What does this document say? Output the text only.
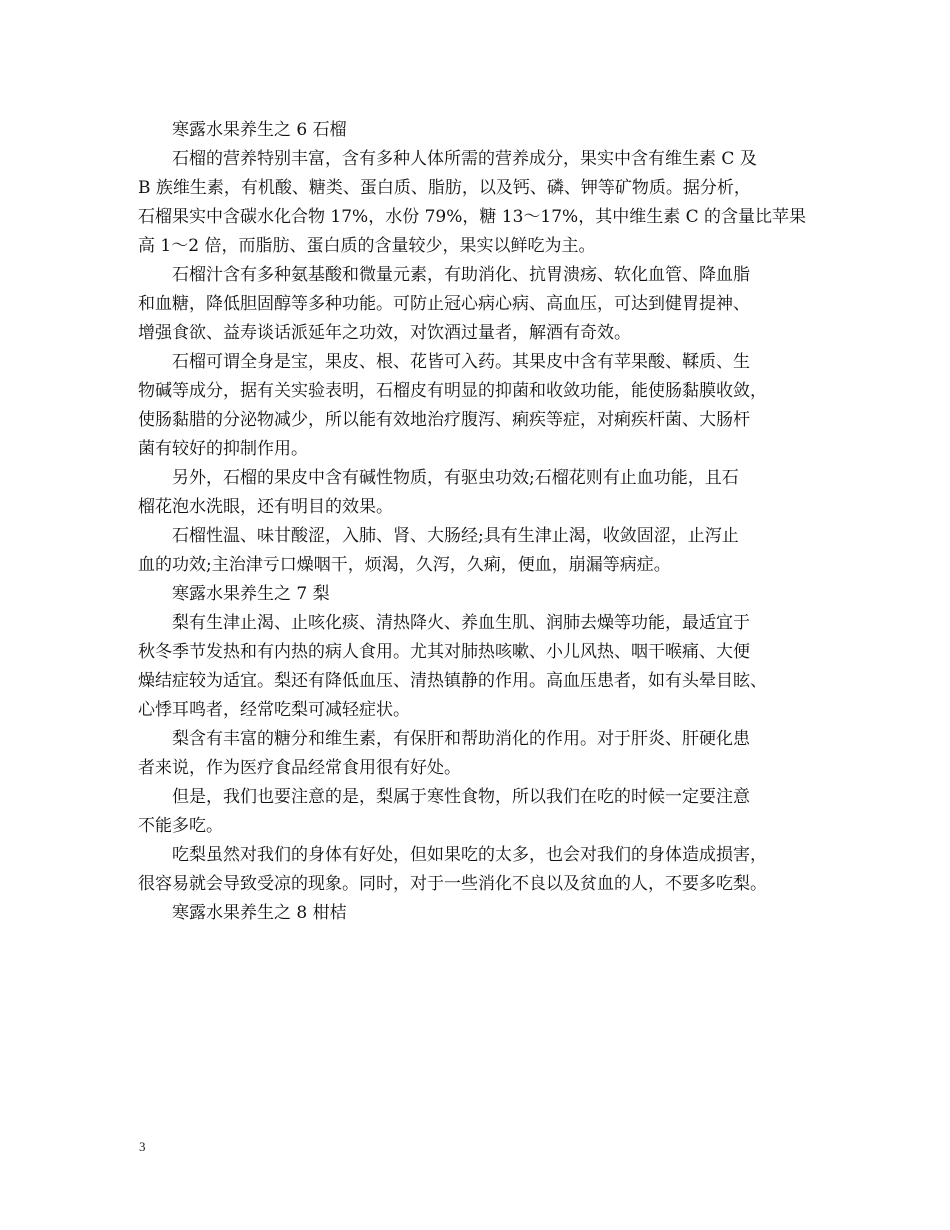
寒露水果养生之 6 石榴
石榴的营养特别丰富，含有多种人体所需的营养成分，果实中含有维生素 C 及
B 族维生素，有机酸、糖类、蛋白质、脂肪，以及钙、磷、钾等矿物质。据分析，
石榴果实中含碳水化合物 17%，水份 79%，糖 13～17%，其中维生素 C 的含量比苹果
高 1～2 倍，而脂肪、蛋白质的含量较少，果实以鲜吃为主。
石榴汁含有多种氨基酸和微量元素，有助消化、抗胃溃疡、软化血管、降血脂
和血糖，降低胆固醇等多种功能。可防止冠心病心病、高血压，可达到健胃提神、
增强食欲、益寿谈话派延年之功效，对饮酒过量者，解酒有奇效。
石榴可谓全身是宝，果皮、根、花皆可入药。其果皮中含有苹果酸、鞣质、生
物碱等成分，据有关实验表明，石榴皮有明显的抑菌和收敛功能，能使肠黏膜收敛，
使肠黏腊的分泌物减少，所以能有效地治疗腹泻、痢疾等症，对痢疾杆菌、大肠杆
菌有较好的抑制作用。
另外，石榴的果皮中含有碱性物质，有驱虫功效;石榴花则有止血功能，且石
榴花泡水洗眼，还有明目的效果。
石榴性温、味甘酸涩，入肺、肾、大肠经;具有生津止渴，收敛固涩，止泻止
血的功效;主治津亏口燥咽干，烦渴，久泻，久痢，便血，崩漏等病症。
寒露水果养生之 7 梨
梨有生津止渴、止咳化痰、清热降火、养血生肌、润肺去燥等功能，最适宜于
秋冬季节发热和有内热的病人食用。尤其对肺热咳嗽、小儿风热、咽干喉痛、大便
燥结症较为适宜。梨还有降低血压、清热镇静的作用。高血压患者，如有头晕目眩、
心悸耳鸣者，经常吃梨可减轻症状。
梨含有丰富的糖分和维生素，有保肝和帮助消化的作用。对于肝炎、肝硬化患
者来说，作为医疗食品经常食用很有好处。
但是，我们也要注意的是，梨属于寒性食物，所以我们在吃的时候一定要注意
不能多吃。
吃梨虽然对我们的身体有好处，但如果吃的太多，也会对我们的身体造成损害，
很容易就会导致受凉的现象。同时，对于一些消化不良以及贫血的人，不要多吃梨。
寒露水果养生之 8 柑桔
3
